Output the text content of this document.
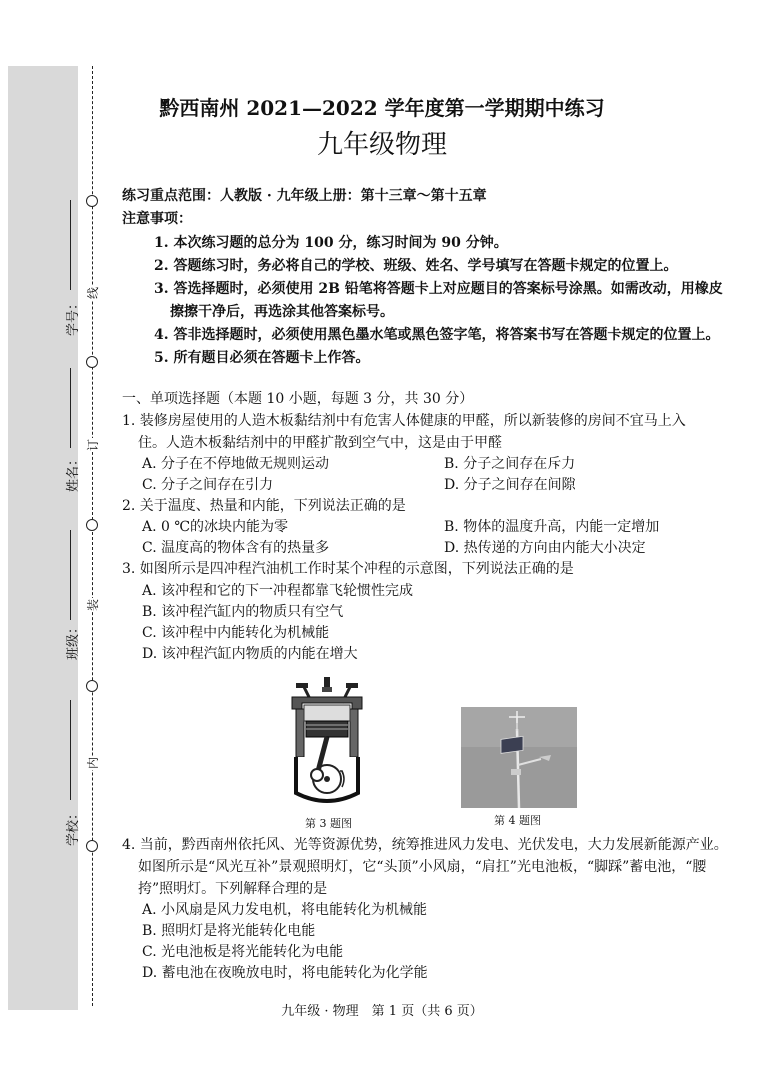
线
订
装
内
学号：
姓名：
班级：
学校：
黔西南州 2021—2022 学年度第一学期期中练习
九年级物理
练习重点范围：人教版 · 九年级上册：第十三章～第十五章
注意事项：
1. 本次练习题的总分为 100 分，练习时间为 90 分钟。
2. 答题练习时，务必将自己的学校、班级、姓名、学号填写在答题卡规定的位置上。
3. 答选择题时，必须使用 2B 铅笔将答题卡上对应题目的答案标号涂黑。如需改动，用橡皮
擦擦干净后，再选涂其他答案标号。
4. 答非选择题时，必须使用黑色墨水笔或黑色签字笔，将答案书写在答题卡规定的位置上。
5. 所有题目必须在答题卡上作答。
一、单项选择题（本题 10 小题，每题 3 分，共 30 分）
1. 装修房屋使用的人造木板黏结剂中有危害人体健康的甲醛，所以新装修的房间不宜马上入
住。人造木板黏结剂中的甲醛扩散到空气中，这是由于甲醛
A. 分子在不停地做无规则运动	B. 分子之间存在斥力
C. 分子之间存在引力	D. 分子之间存在间隙
2. 关于温度、热量和内能，下列说法正确的是
A. 0 ℃的冰块内能为零	B. 物体的温度升高，内能一定增加
C. 温度高的物体含有的热量多	D. 热传递的方向由内能大小决定
3. 如图所示是四冲程汽油机工作时某个冲程的示意图，下列说法正确的是
A. 该冲程和它的下一冲程都靠飞轮惯性完成
B. 该冲程汽缸内的物质只有空气
C. 该冲程中内能转化为机械能
D. 该冲程汽缸内物质的内能在增大
第 3 题图	第 4 题图
4. 当前，黔西南州依托风、光等资源优势，统筹推进风力发电、光伏发电，大力发展新能源产业。
如图所示是“风光互补”景观照明灯，它“头顶”小风扇，“肩扛”光电池板，“脚踩”蓄电池，“腰
挎”照明灯。下列解释合理的是
A. 小风扇是风力发电机，将电能转化为机械能
B. 照明灯是将光能转化电能
C. 光电池板是将光能转化为电能
D. 蓄电池在夜晚放电时，将电能转化为化学能
九年级 · 物理　第 1 页（共 6 页）
